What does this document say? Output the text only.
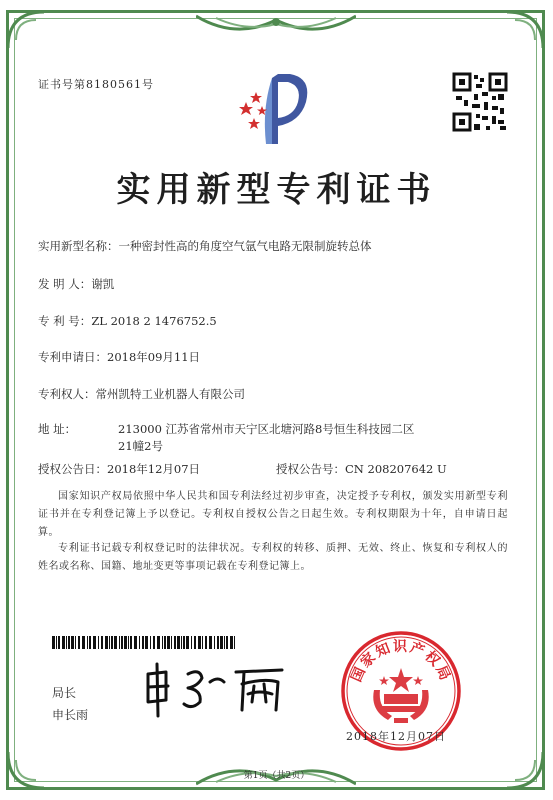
证书号第8180561号
实用新型专利证书
实用新型名称：一种密封性高的角度空气氩气电路无限制旋转总体
发 明 人：谢凯
专 利 号：ZL 2018 2 1476752.5
专利申请日：2018年09月11日
专利权人：常州凯特工业机器人有限公司
地 址：	213000 江苏省常州市天宁区北塘河路8号恒生科技园二区
21幢2号
授权公告日：2018年12月07日	授权公告号：CN 208207642 U
国家知识产权局依照中华人民共和国专利法经过初步审查，决定授予专利权，颁发实用新型专利证书并在专利登记簿上予以登记。专利权自授权公告之日起生效。专利权期限为十年，自申请日起算。
专利证书记载专利权登记时的法律状况。专利权的转移、质押、无效、终止、恢复和专利权人的姓名或名称、国籍、地址变更等事项记载在专利登记簿上。
局长
申长雨
国家知识产权局
2018年12月07日
第1页（共2页）
